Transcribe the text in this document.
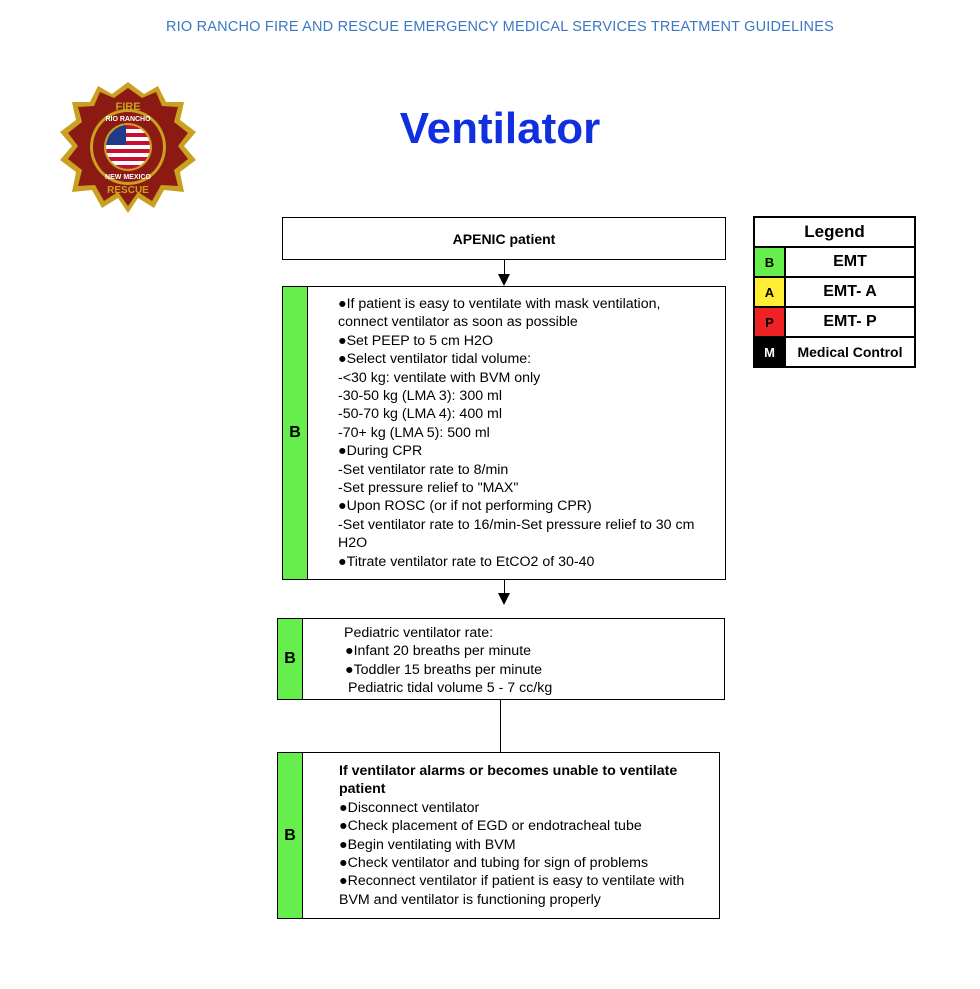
RIO RANCHO FIRE AND RESCUE EMERGENCY MEDICAL SERVICES TREATMENT GUIDELINES
FIRE
RIO RANCHO
NEW MEXICO
RESCUE
Ventilator
APENIC patient
B
●If patient is easy to ventilate with mask ventilation,
connect ventilator as soon as possible
●Set PEEP to 5 cm H2O
●Select ventilator tidal volume:
-<30 kg: ventilate with BVM only
-30-50 kg (LMA 3): 300 ml
-50-70 kg (LMA 4): 400 ml
-70+ kg (LMA 5): 500 ml
●During CPR
-Set ventilator rate to 8/min
-Set pressure relief to "MAX"
●Upon ROSC (or if not performing CPR)
-Set ventilator rate to 16/min-Set pressure relief to 30 cm
H2O
●Titrate ventilator rate to EtCO2 of 30-40
B
Pediatric ventilator rate:
●Infant 20 breaths per minute
●Toddler 15 breaths per minute
Pediatric tidal volume 5 - 7 cc/kg
B
If ventilator alarms or becomes unable to ventilate
patient
●Disconnect ventilator
●Check placement of EGD or endotracheal tube
●Begin ventilating with BVM
●Check ventilator and tubing for sign of problems
●Reconnect ventilator if patient is easy to ventilate with
BVM and ventilator is functioning properly
Legend
B	EMT
A	EMT- A
P	EMT- P
M	Medical Control
